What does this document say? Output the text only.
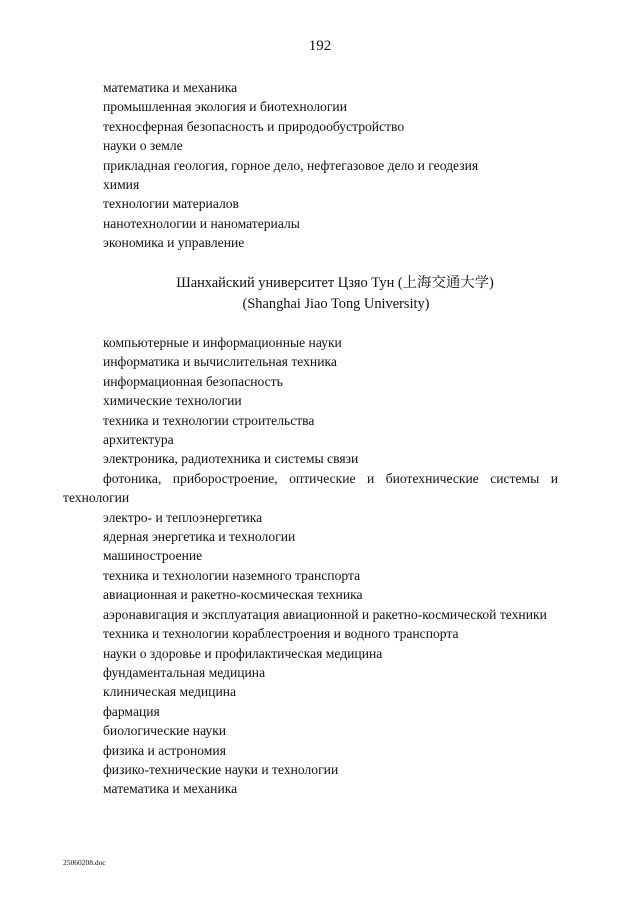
192
математика и механика
промышленная экология и биотехнологии
техносферная безопасность и природообустройство
науки о земле
прикладная геология, горное дело, нефтегазовое дело и геодезия
химия
технологии материалов
нанотехнологии и наноматериалы
экономика и управление
Шанхайский университет Цзяо Тун (上海交通大学)
(Shanghai Jiao Tong University)
компьютерные и информационные науки
информатика и вычислительная техника
информационная безопасность
химические технологии
техника и технологии строительства
архитектура
электроника, радиотехника и системы связи
фотоника, приборостроение, оптические и биотехнические системы и технологии
электро- и теплоэнергетика
ядерная энергетика и технологии
машиностроение
техника и технологии наземного транспорта
авиационная и ракетно-космическая техника
аэронавигация и эксплуатация авиационной и ракетно-космической техники
техника и технологии кораблестроения и водного транспорта
науки о здоровье и профилактическая медицина
фундаментальная медицина
клиническая медицина
фармация
биологические науки
физика и астрономия
физико-технические науки и технологии
математика и механика
25060208.doc
